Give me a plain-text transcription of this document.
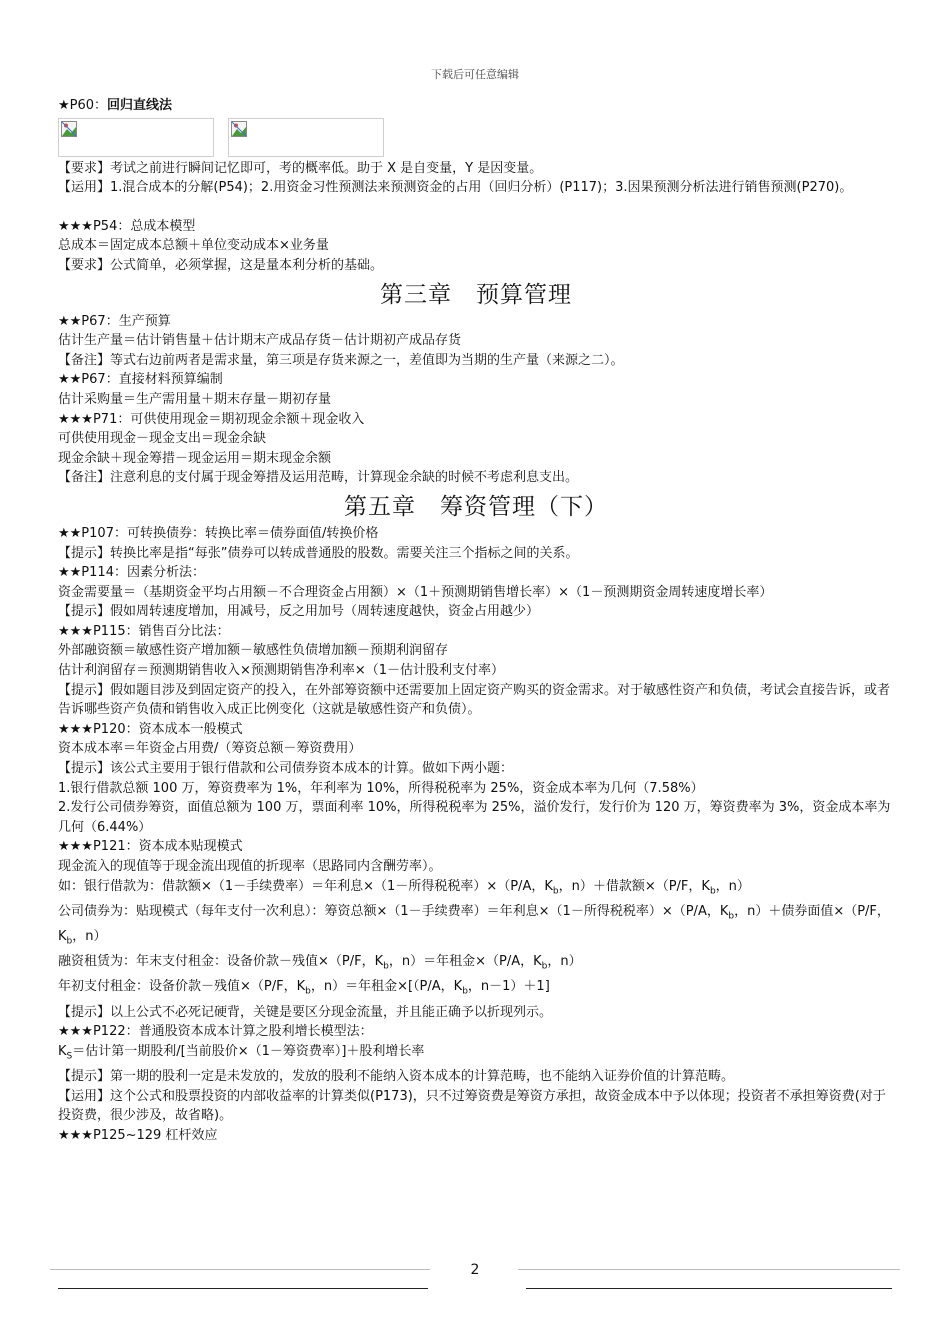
下载后可任意编辑
★P60：回归直线法
【要求】考试之前进行瞬间记忆即可，考的概率低。助于 X 是自变量，Y 是因变量。
【运用】1.混合成本的分解(P54)；2.用资金习性预测法来预测资金的占用（回归分析）(P117)；3.因果预测分析法进行销售预测(P270)。
★★★P54：总成本模型
总成本＝固定成本总额＋单位变动成本×业务量
【要求】公式简单，必须掌握，这是量本利分析的基础。
第三章　预算管理
★★P67：生产预算
估计生产量＝估计销售量＋估计期末产成品存货－估计期初产成品存货
【备注】等式右边前两者是需求量，第三项是存货来源之一，差值即为当期的生产量（来源之二）。
★★P67：直接材料预算编制
估计采购量＝生产需用量＋期末存量－期初存量
★★★P71：可供使用现金＝期初现金余额＋现金收入
可供使用现金－现金支出＝现金余缺
现金余缺＋现金筹措－现金运用＝期末现金余额
【备注】注意利息的支付属于现金筹措及运用范畴，计算现金余缺的时候不考虑利息支出。
第五章　筹资管理（下）
★★P107：可转换债券：转换比率＝债券面值/转换价格
【提示】转换比率是指“每张”债券可以转成普通股的股数。需要关注三个指标之间的关系。
★★P114：因素分析法：
资金需要量＝（基期资金平均占用额－不合理资金占用额）×（1＋预测期销售增长率）×（1－预测期资金周转速度增长率）
【提示】假如周转速度增加，用减号，反之用加号（周转速度越快，资金占用越少）
★★★P115：销售百分比法：
外部融资额＝敏感性资产增加额－敏感性负债增加额－预期利润留存
估计利润留存＝预测期销售收入×预测期销售净利率×（1－估计股利支付率）
【提示】假如题目涉及到固定资产的投入，在外部筹资额中还需要加上固定资产购买的资金需求。对于敏感性资产和负债，考试会直接告诉，或者告诉哪些资产负债和销售收入成正比例变化（这就是敏感性资产和负债）。
★★★P120：资本成本一般模式
资本成本率＝年资金占用费/（筹资总额－筹资费用）
【提示】该公式主要用于银行借款和公司债券资本成本的计算。做如下两小题：
1.银行借款总额 100 万，筹资费率为 1%，年利率为 10%，所得税税率为 25%，资金成本率为几何（7.58%）
2.发行公司债券筹资，面值总额为 100 万，票面利率 10%，所得税税率为 25%，溢价发行，发行价为 120 万，筹资费率为 3%，资金成本率为几何（6.44%）
★★★P121：资本成本贴现模式
现金流入的现值等于现金流出现值的折现率（思路同内含酬劳率）。
如：银行借款为：借款额×（1－手续费率）＝年利息×（1－所得税税率）×（P/A，$K_b$，n）＋借款额×（P/F，$K_b$，n）
公司债券为：贴现模式（每年支付一次利息）：筹资总额×（1－手续费率）＝年利息×（1－所得税税率）×（P/A，$K_b$，n）＋债券面值×（P/F，$K_b$，n）
融资租赁为：年末支付租金：设备价款－残值×（P/F，$K_b$，n）＝年租金×（P/A，$K_b$，n）
年初支付租金：设备价款－残值×（P/F，$K_b$，n）＝年租金×[（P/A，$K_b$，n－1）＋1]
【提示】以上公式不必死记硬背，关键是要区分现金流量，并且能正确予以折现列示。
★★★P122：普通股资本成本计算之股利增长模型法：
$K_S=$估计第一期股利/[当前股价×（1－筹资费率）]＋股利增长率
【提示】第一期的股利一定是未发放的，发放的股利不能纳入资本成本的计算范畴，也不能纳入证券价值的计算范畴。
【运用】这个公式和股票投资的内部收益率的计算类似(P173)，只不过筹资费是筹资方承担，故资金成本中予以体现；投资者不承担筹资费(对于投资费，很少涉及，故省略)。
★★★P125~129 杠杆效应
2
